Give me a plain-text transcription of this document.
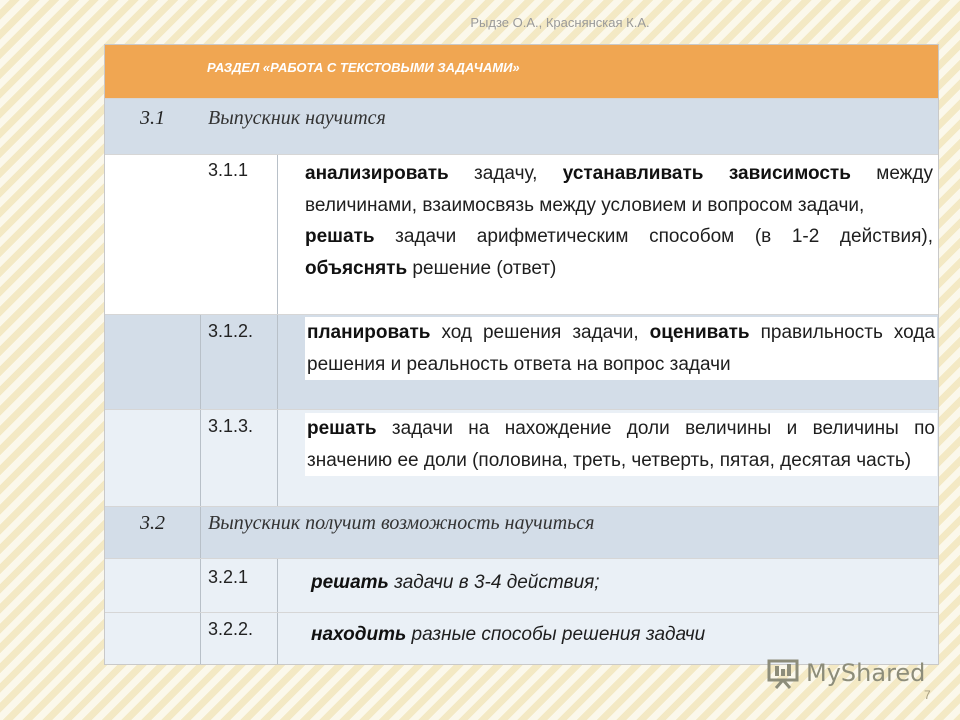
Рыдзе О.А., Краснянская К.А.
РАЗДЕЛ «РАБОТА С ТЕКСТОВЫМИ ЗАДАЧАМИ»
3.1	Выпускник научится
3.1.1	анализировать задачу, устанавливать зависимость между величинами, взаимосвязь между условием и вопросом задачи,
решать задачи арифметическим способом (в 1-2 действия), объяснять решение (ответ)
3.1.2.	планировать ход решения задачи, оценивать правильность хода решения и реальность ответа на вопрос задачи
3.1.3.	решать задачи на нахождение доли величины и величины по значению ее доли (половина, треть, четверть, пятая, десятая часть)
3.2	Выпускник получит возможность научиться
3.2.1	решать задачи в 3-4 действия;
3.2.2.	находить разные способы решения задачи
MyShared
7
